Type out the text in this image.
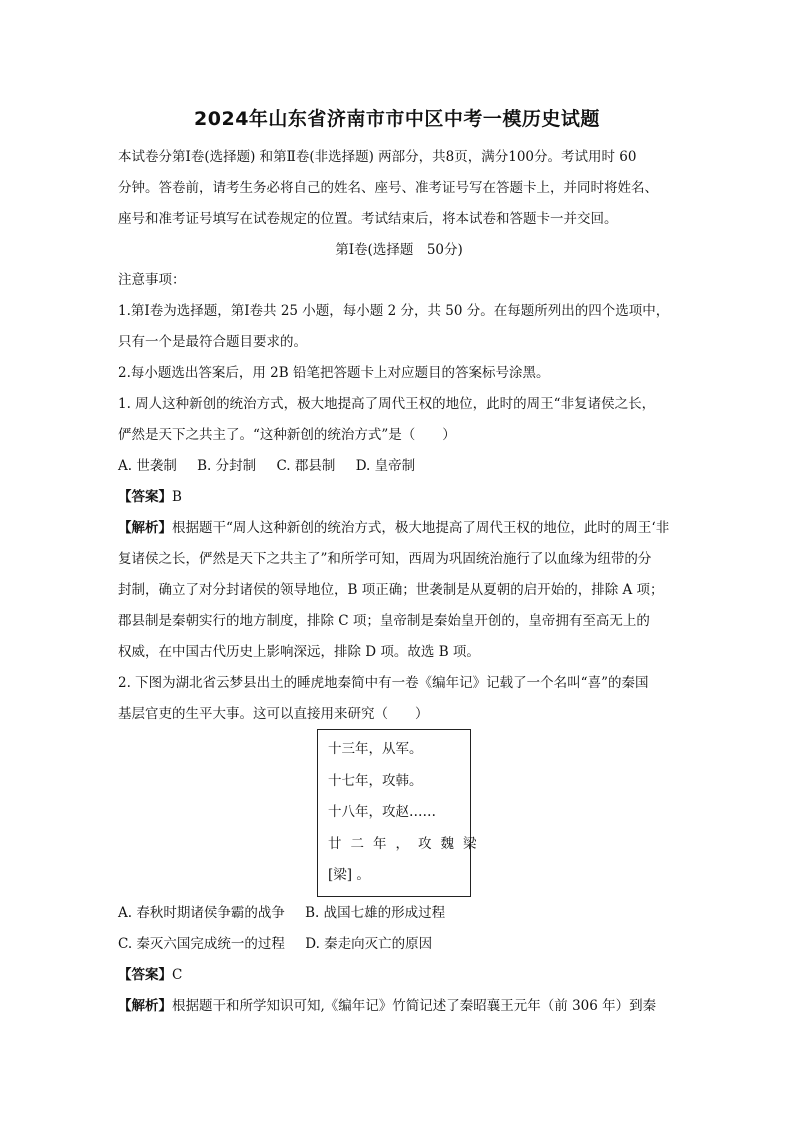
2024年山东省济南市市中区中考一模历史试题
本试卷分第Ⅰ卷(选择题) 和第Ⅱ卷(非选择题) 两部分，共8页，满分100分。考试用时 60
分钟。答卷前，请考生务必将自己的姓名、座号、准考证号写在答题卡上，并同时将姓名、
座号和准考证号填写在试卷规定的位置。考试结束后，将本试卷和答题卡一并交回。
第Ⅰ卷(选择题　50分)
注意事项：
1.第Ⅰ卷为选择题，第Ⅰ卷共 25 小题，每小题 2 分，共 50 分。在每题所列出的四个选项中，
只有一个是最符合题目要求的。
2.每小题选出答案后，用 2B 铅笔把答题卡上对应题目的答案标号涂黑。
1. 周人这种新创的统治方式，极大地提高了周代王权的地位，此时的周王“非复诸侯之长，
俨然是天下之共主了。“这种新创的统治方式”是（　　）
A. 世袭制 B. 分封制 C. 郡县制 D. 皇帝制
【答案】B
【解析】根据题干“周人这种新创的统治方式，极大地提高了周代王权的地位，此时的周王‘非
复诸侯之长，俨然是天下之共主了”和所学可知，西周为巩固统治施行了以血缘为纽带的分
封制，确立了对分封诸侯的领导地位，B 项正确；世袭制是从夏朝的启开始的，排除 A 项；
郡县制是秦朝实行的地方制度，排除 C 项；皇帝制是秦始皇开创的，皇帝拥有至高无上的
权威，在中国古代历史上影响深远，排除 D 项。故选 B 项。
2. 下图为湖北省云梦县出土的睡虎地秦简中有一卷《编年记》记载了一个名叫“喜”的秦国
基层官吏的生平大事。这可以直接用来研究（　　）
十三年，从军。
十七年，攻韩。
十八年，攻赵……
廿二年，攻魏梁
[梁] 。
A. 春秋时期诸侯争霸的战争 B. 战国七雄的形成过程
C. 秦灭六国完成统一的过程 D. 秦走向灭亡的原因
【答案】C
【解析】根据题干和所学知识可知,《编年记》竹简记述了秦昭襄王元年（前 306 年）到秦
